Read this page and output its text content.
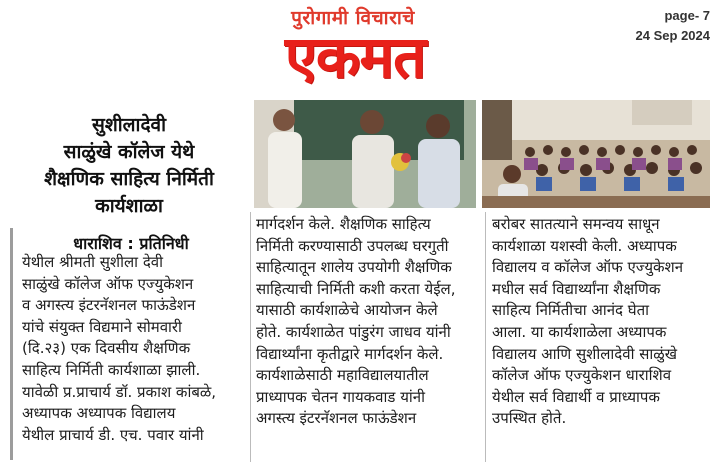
पुरोगामी विचाराचे
एकमत
page- 7
24 Sep 2024
सुशीलादेवी
साळुंखे कॉलेज येथे
शैक्षणिक साहित्य निर्मिती
कार्यशाळा
धाराशिव : प्रतिनिधी
येथील श्रीमती सुशीला देवी
साळुंखे कॉलेज ऑफ एज्युकेशन
व अगस्त्य इंटरनॅशनल फाऊंडेशन
यांचे संयुक्त विद्यमाने सोमवारी
(दि.२३) एक दिवसीय शैक्षणिक
साहित्य निर्मिती कार्यशाळा झाली.
यावेळी प्र.प्राचार्य डॉ. प्रकाश कांबळे,
अध्यापक अध्यापक विद्यालय
येथील प्राचार्य डी. एच. पवार यांनी
मार्गदर्शन केले. शैक्षणिक साहित्य
निर्मिती करण्यासाठी उपलब्ध घरगुती
साहित्यातून शालेय उपयोगी शैक्षणिक
साहित्याची निर्मिती कशी करता येईल,
यासाठी कार्यशाळेचे आयोजन केले
होते. कार्यशाळेत पांडुरंग जाधव यांनी
विद्यार्थ्यांना कृतीद्वारे मार्गदर्शन केले.
कार्यशाळेसाठी महाविद्यालयातील
प्राध्यापक चेतन गायकवाड यांनी
अगस्त्य इंटरनॅशनल फाऊंडेशन
बरोबर सातत्याने समन्वय साधून
कार्यशाळा यशस्वी केली. अध्यापक
विद्यालय व कॉलेज ऑफ एज्युकेशन
मधील सर्व विद्यार्थ्यांना शैक्षणिक
साहित्य निर्मितीचा आनंद घेता
आला. या कार्यशाळेला अध्यापक
विद्यालय आणि सुशीलादेवी साळुंखे
कॉलेज ऑफ एज्युकेशन धाराशिव
येथील सर्व विद्यार्थी व प्राध्यापक
उपस्थित होते.
